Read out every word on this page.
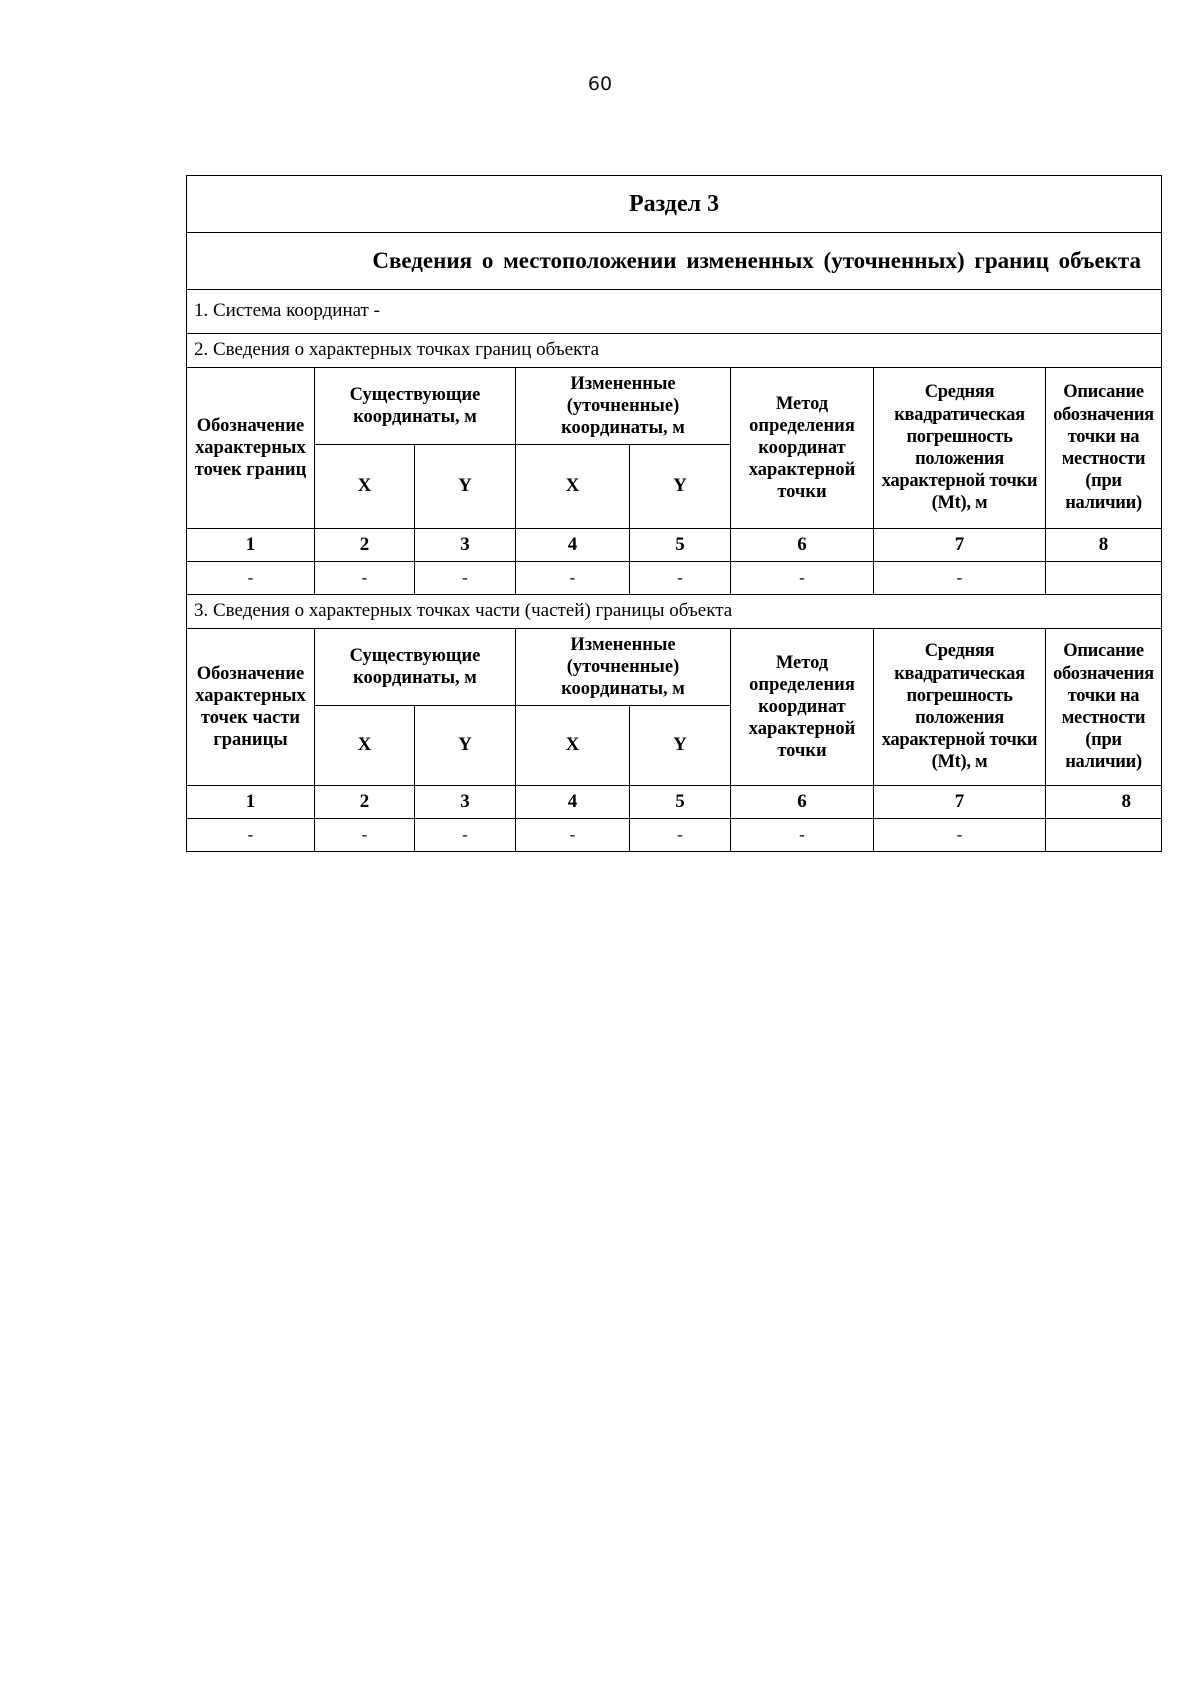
60
Раздел 3							
Сведения о местоположении измененных (уточненных) границ объекта							
1. Система координат -							
2. Сведения о характерных точках границ объекта							
Обозначение характерных точек границ	Существующие координаты, м		Измененные (уточненные) координаты, м		Метод определения координат характерной точки	Средняя квадратическая погрешность положения характерной точки (Mt), м	Описание обозначения точки на местности (при наличии)
	X	Y	X	Y			
1	2	3	4	5	6	7	8
-	-	-	-	-	-	-	
3. Сведения о характерных точках части (частей) границы объекта							
Обозначение характерных точек части границы	Существующие координаты, м		Измененные (уточненные) координаты, м		Метод определения координат характерной точки	Средняя квадратическая погрешность положения характерной точки (Mt), м	Описание обозначения точки на местности (при наличии)
	X	Y	X	Y			
1	2	3	4	5	6	7	8
-	-	-	-	-	-	-	
